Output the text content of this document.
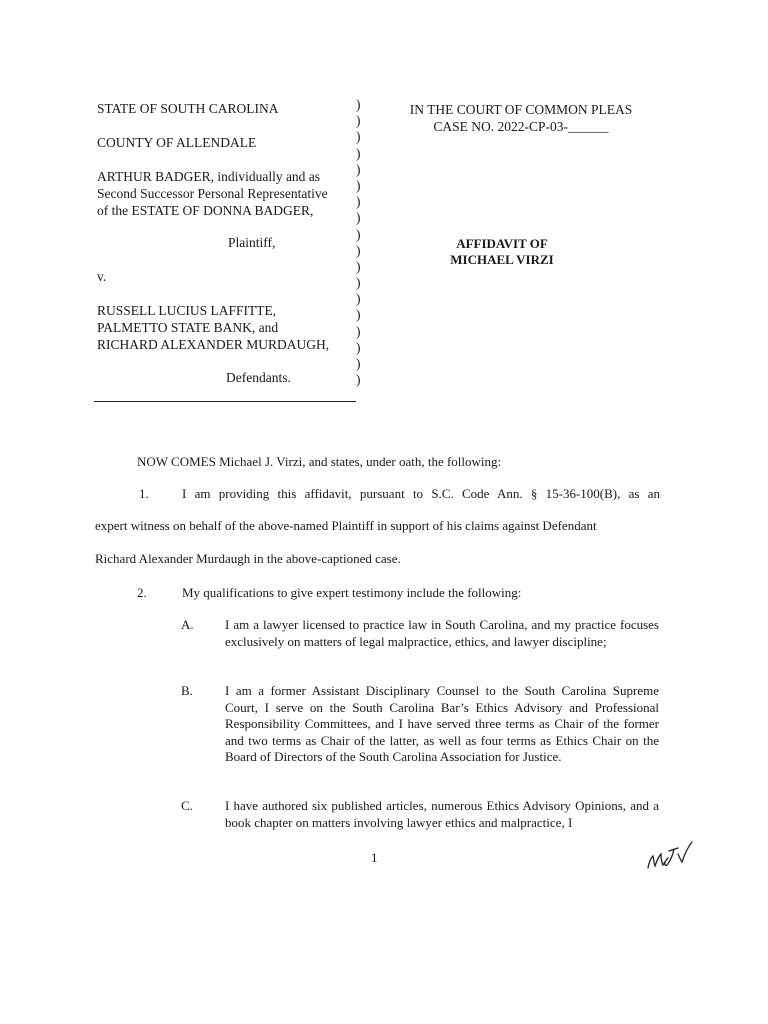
STATE OF SOUTH CAROLINA
COUNTY OF ALLENDALE
ARTHUR BADGER, individually and as
Second Successor Personal Representative
of the ESTATE OF DONNA BADGER,
Plaintiff,
v.
RUSSELL LUCIUS LAFFITTE,
PALMETTO STATE BANK, and
RICHARD ALEXANDER MURDAUGH,
Defendants.
)
)
)
)
)
)
)
)
)
)
)
)
)
)
)
)
)
)
IN THE COURT OF COMMON PLEAS
CASE NO. 2022-CP-03-______
AFFIDAVIT OF
MICHAEL VIRZI
NOW COMES Michael J. Virzi, and states, under oath, the following:
1.	I am providing this affidavit, pursuant to S.C. Code Ann. § 15-36-100(B), as an
expert witness on behalf of the above-named Plaintiff in support of his claims against Defendant
Richard Alexander Murdaugh in the above-captioned case.
2.	My qualifications to give expert testimony include the following:
A. I am a lawyer licensed to practice law in South Carolina, and my practice focuses exclusively on matters of legal malpractice, ethics, and lawyer discipline;
B. I am a former Assistant Disciplinary Counsel to the South Carolina Supreme Court, I serve on the South Carolina Bar’s Ethics Advisory and Professional Responsibility Committees, and I have served three terms as Chair of the former and two terms as Chair of the latter, as well as four terms as Ethics Chair on the Board of Directors of the South Carolina Association for Justice.
C. I have authored six published articles, numerous Ethics Advisory Opinions, and a book chapter on matters involving lawyer ethics and malpractice, I
1
